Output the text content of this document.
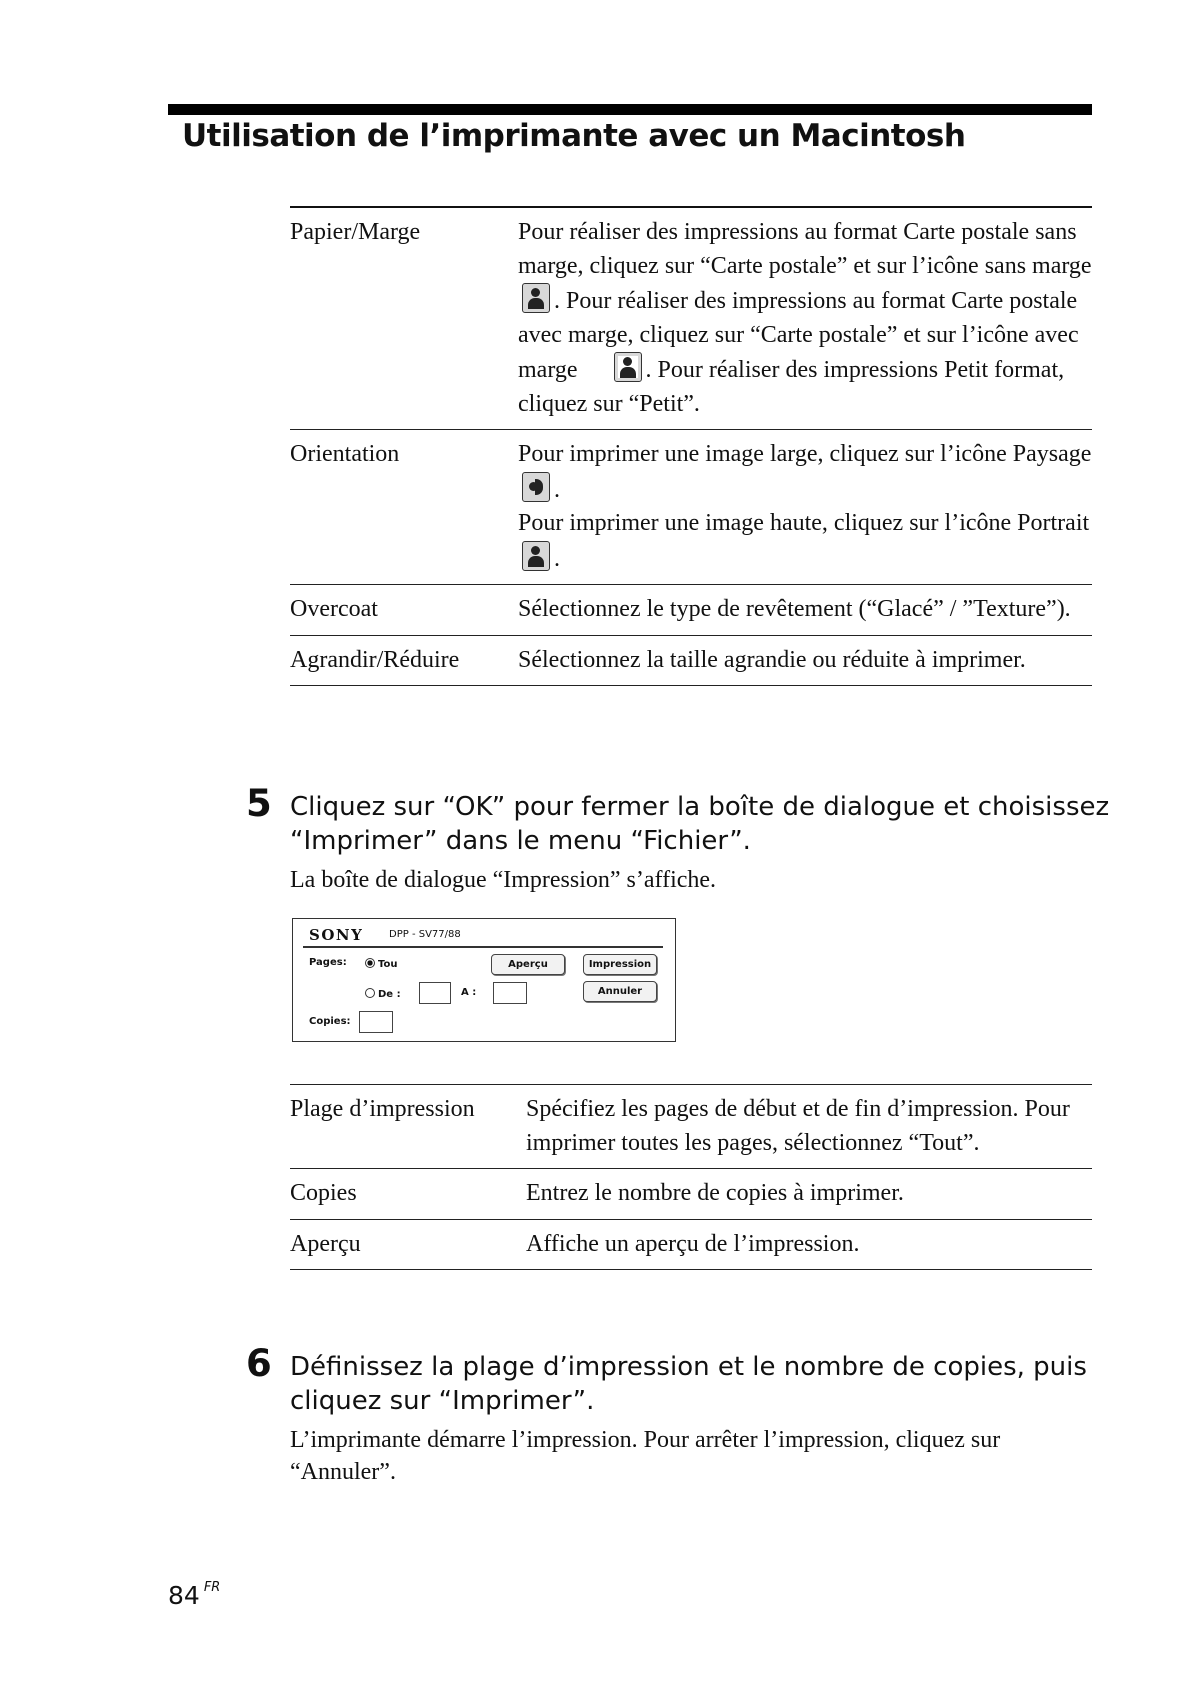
Utilisation de l’imprimante avec un Macintosh
Papier/Marge	Pour réaliser des impressions au format Carte postale sans marge, cliquez sur “Carte postale” et sur l’icône sans marge
. Pour réaliser des impressions au format Carte postale avec marge, cliquez sur “Carte postale” et sur l’icône avec marge . Pour réaliser des impressions Petit format, cliquez sur “Petit”.
Orientation	Pour imprimer une image large, cliquez sur l’icône Paysage
.
Pour imprimer une image haute, cliquez sur l’icône Portrait
.
Overcoat	Sélectionnez le type de revêtement (“Glacé” / ”Texture”).
Agrandir/Réduire	Sélectionnez la taille agrandie ou réduite à imprimer.
5 Cliquez sur “OK” pour fermer la boîte de dialogue et choisissez “Imprimer” dans le menu “Fichier”.
La boîte de dialogue “Impression” s’affiche.
SONY	DPP - SV77/88
Pages:	Tou
De :	A :
Copies:
Aperçu	Impression
Annuler
Plage d’impression	Spécifiez les pages de début et de fin d’impression. Pour imprimer toutes les pages, sélectionnez “Tout”.
Copies	Entrez le nombre de copies à imprimer.
Aperçu	Affiche un aperçu de l’impression.
6 Définissez la plage d’impression et le nombre de copies, puis cliquez sur “Imprimer”.
L’imprimante démarre l’impression. Pour arrêter l’impression, cliquez sur “Annuler”.
84 $^{FR}$
